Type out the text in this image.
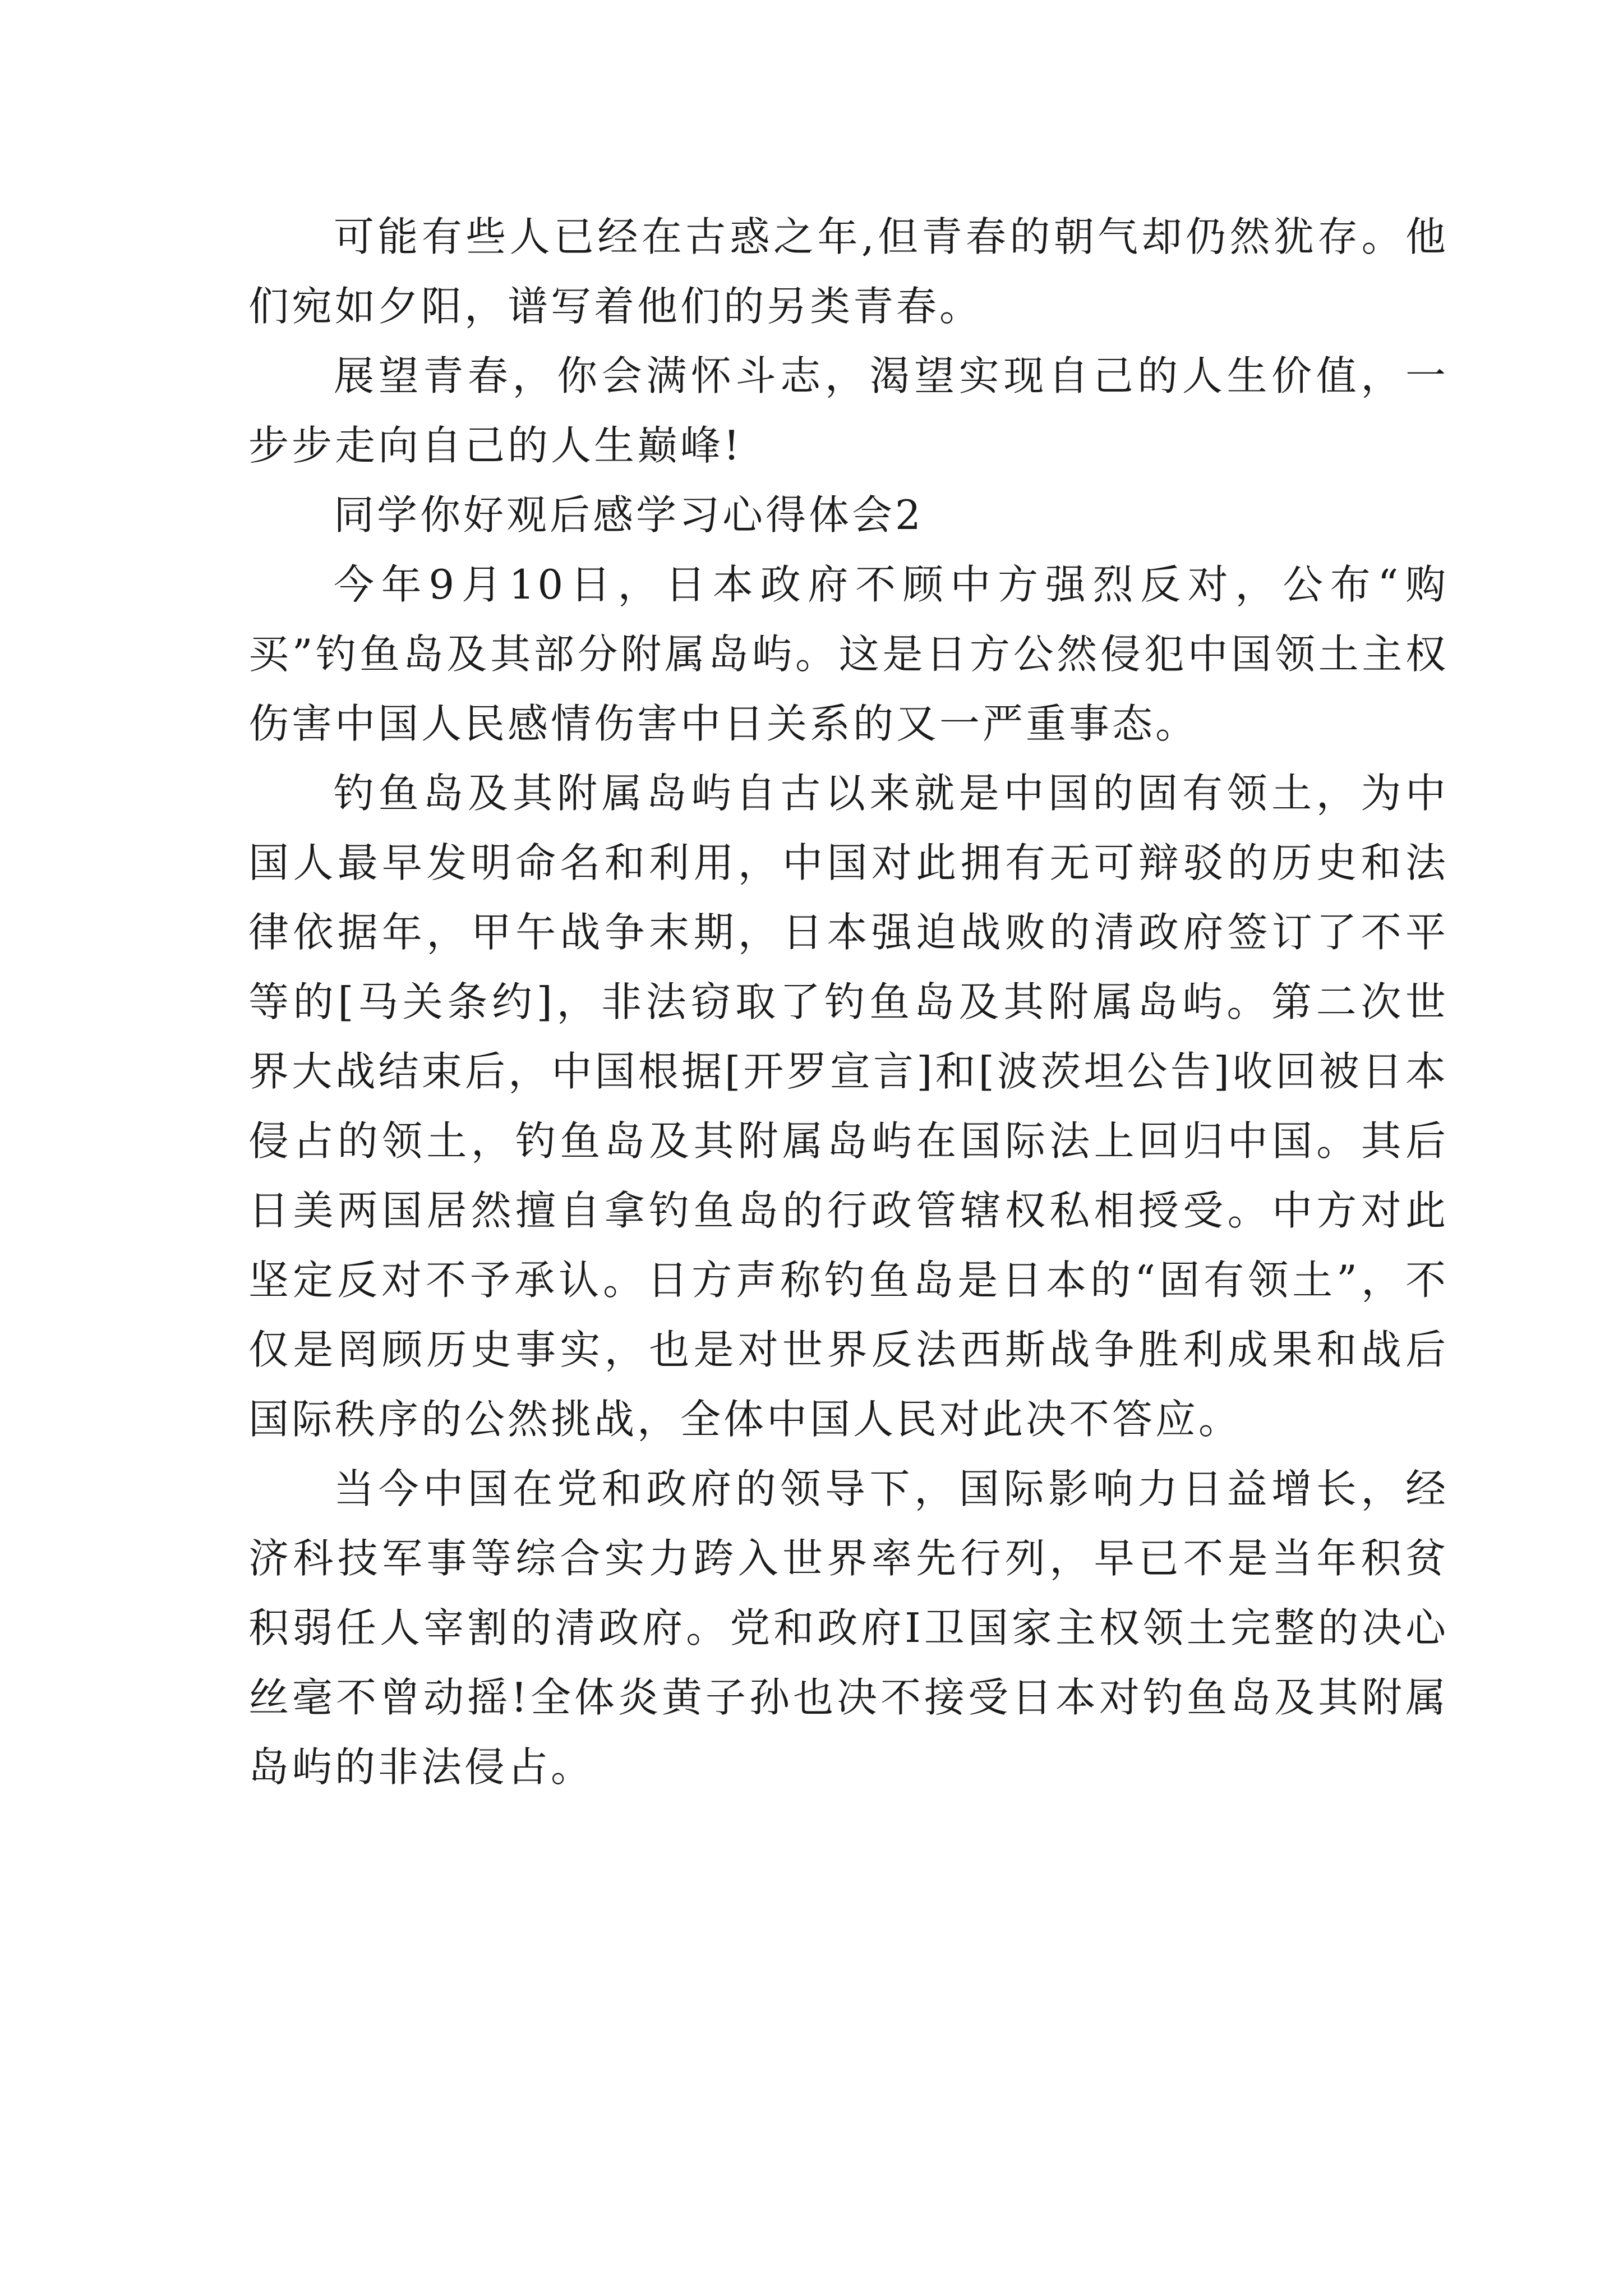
可能有些人已经在古惑之年,但青春的朝气却仍然犹存。他们宛如夕阳，谱写着他们的另类青春。

展望青春，你会满怀斗志，渴望实现自己的人生价值，一步步走向自己的人生巅峰!

同学你好观后感学习心得体会2

今年9月10日，日本政府不顾中方强烈反对，公布“购买”钓鱼岛及其部分附属岛屿。这是日方公然侵犯中国领土主权伤害中国人民感情伤害中日关系的又一严重事态。

钓鱼岛及其附属岛屿自古以来就是中国的固有领土，为中国人最早发明命名和利用，中国对此拥有无可辩驳的历史和法律依据年，甲午战争末期，日本强迫战败的清政府签订了不平等的[马关条约]，非法窃取了钓鱼岛及其附属岛屿。第二次世界大战结束后，中国根据[开罗宣言]和[波茨坦公告]收回被日本侵占的领土，钓鱼岛及其附属岛屿在国际法上回归中国。其后日美两国居然擅自拿钓鱼岛的行政管辖权私相授受。中方对此坚定反对不予承认。日方声称钓鱼岛是日本的“固有领土”，不仅是罔顾历史事实，也是对世界反法西斯战争胜利成果和战后国际秩序的公然挑战，全体中国人民对此决不答应。

当今中国在党和政府的领导下，国际影响力日益增长，经济科技军事等综合实力跨入世界率先行列，早已不是当年积贫积弱任人宰割的清政府。党和政府Ⅰ卫国家主权领土完整的决心丝毫不曾动摇!全体炎黄子孙也决不接受日本对钓鱼岛及其附属岛屿的非法侵占。
